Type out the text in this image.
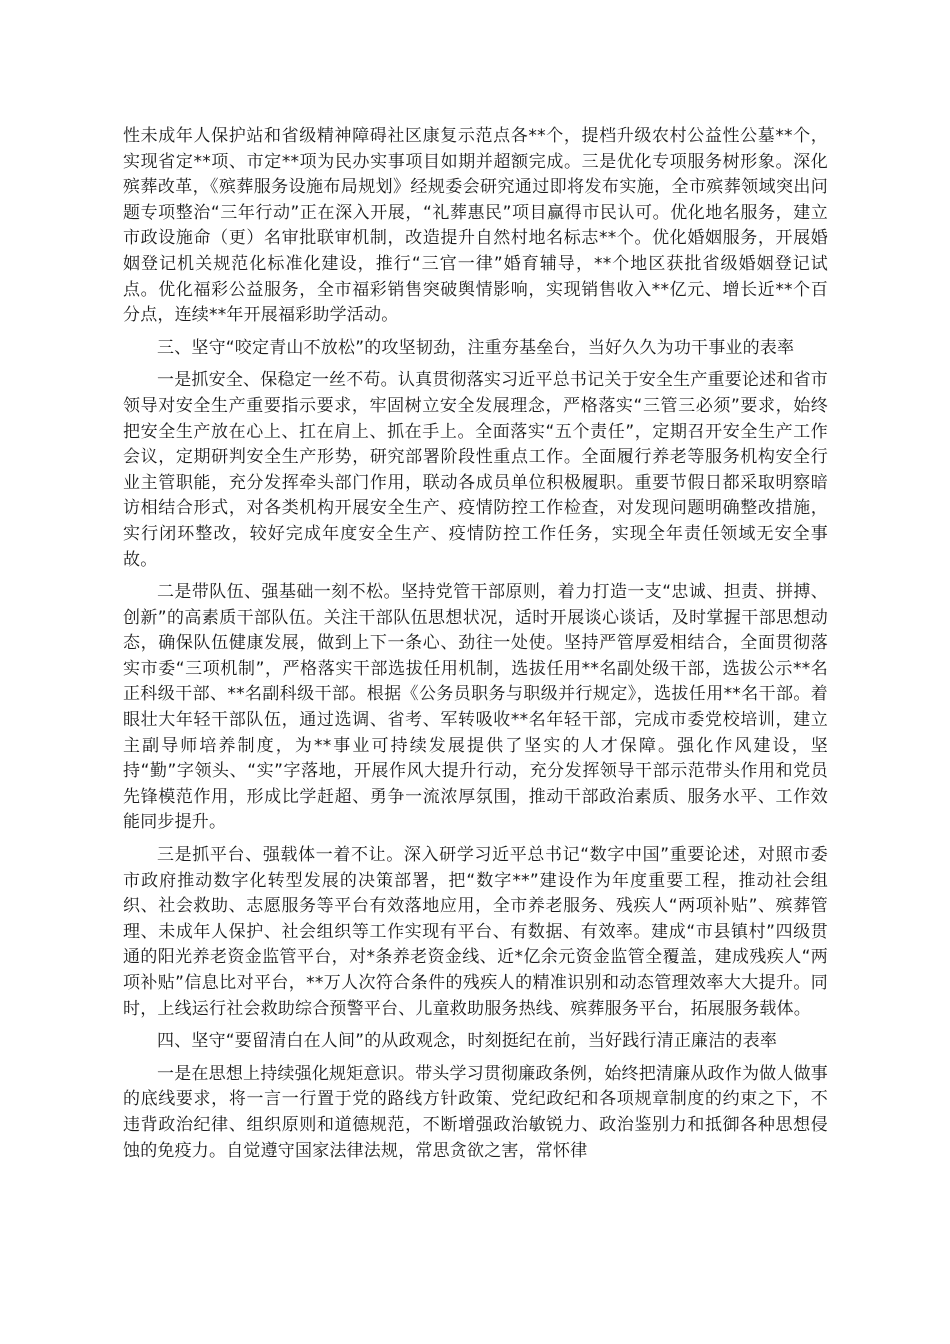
性未成年人保护站和省级精神障碍社区康复示范点各**个，提档升级农村公益性公墓**个，实现省定**项、市定**项为民办实事项目如期并超额完成。三是优化专项服务树形象。深化殡葬改革，《殡葬服务设施布局规划》经规委会研究通过即将发布实施，全市殡葬领域突出问题专项整治“三年行动”正在深入开展，“礼葬惠民”项目赢得市民认可。优化地名服务，建立市政设施命（更）名审批联审机制，改造提升自然村地名标志**个。优化婚姻服务，开展婚姻登记机关规范化标准化建设，推行“三官一律”婚育辅导，**个地区获批省级婚姻登记试点。优化福彩公益服务，全市福彩销售突破舆情影响，实现销售收入**亿元、增长近**个百分点，连续**年开展福彩助学活动。

三、坚守“咬定青山不放松”的攻坚韧劲，注重夯基垒台，当好久久为功干事业的表率

一是抓安全、保稳定一丝不苟。认真贯彻落实习近平总书记关于安全生产重要论述和省市领导对安全生产重要指示要求，牢固树立安全发展理念，严格落实“三管三必须”要求，始终把安全生产放在心上、扛在肩上、抓在手上。全面落实“五个责任”，定期召开安全生产工作会议，定期研判安全生产形势，研究部署阶段性重点工作。全面履行养老等服务机构安全行业主管职能，充分发挥牵头部门作用，联动各成员单位积极履职。重要节假日都采取明察暗访相结合形式，对各类机构开展安全生产、疫情防控工作检查，对发现问题明确整改措施，实行闭环整改，较好完成年度安全生产、疫情防控工作任务，实现全年责任领域无安全事故。

二是带队伍、强基础一刻不松。坚持党管干部原则，着力打造一支“忠诚、担责、拼搏、创新”的高素质干部队伍。关注干部队伍思想状况，适时开展谈心谈话，及时掌握干部思想动态，确保队伍健康发展，做到上下一条心、劲往一处使。坚持严管厚爱相结合，全面贯彻落实市委“三项机制”，严格落实干部选拔任用机制，选拔任用**名副处级干部，选拔公示**名正科级干部、**名副科级干部。根据《公务员职务与职级并行规定》，选拔任用**名干部。着眼壮大年轻干部队伍，通过选调、省考、军转吸收**名年轻干部，完成市委党校培训，建立主副导师培养制度，为**事业可持续发展提供了坚实的人才保障。强化作风建设，坚持“勤”字领头、“实”字落地，开展作风大提升行动，充分发挥领导干部示范带头作用和党员先锋模范作用，形成比学赶超、勇争一流浓厚氛围，推动干部政治素质、服务水平、工作效能同步提升。

三是抓平台、强载体一着不让。深入研学习近平总书记“数字中国”重要论述，对照市委市政府推动数字化转型发展的决策部署，把“数字**”建设作为年度重要工程，推动社会组织、社会救助、志愿服务等平台有效落地应用，全市养老服务、残疾人“两项补贴”、殡葬管理、未成年人保护、社会组织等工作实现有平台、有数据、有效率。建成“市县镇村”四级贯通的阳光养老资金监管平台，对*条养老资金线、近*亿余元资金监管全覆盖，建成残疾人“两项补贴”信息比对平台，**万人次符合条件的残疾人的精准识别和动态管理效率大大提升。同时，上线运行社会救助综合预警平台、儿童救助服务热线、殡葬服务平台，拓展服务载体。

四、坚守“要留清白在人间”的从政观念，时刻挺纪在前，当好践行清正廉洁的表率

一是在思想上持续强化规矩意识。带头学习贯彻廉政条例，始终把清廉从政作为做人做事的底线要求，将一言一行置于党的路线方针政策、党纪政纪和各项规章制度的约束之下，不违背政治纪律、组织原则和道德规范，不断增强政治敏锐力、政治鉴别力和抵御各种思想侵蚀的免疫力。自觉遵守国家法律法规，常思贪欲之害，常怀律
